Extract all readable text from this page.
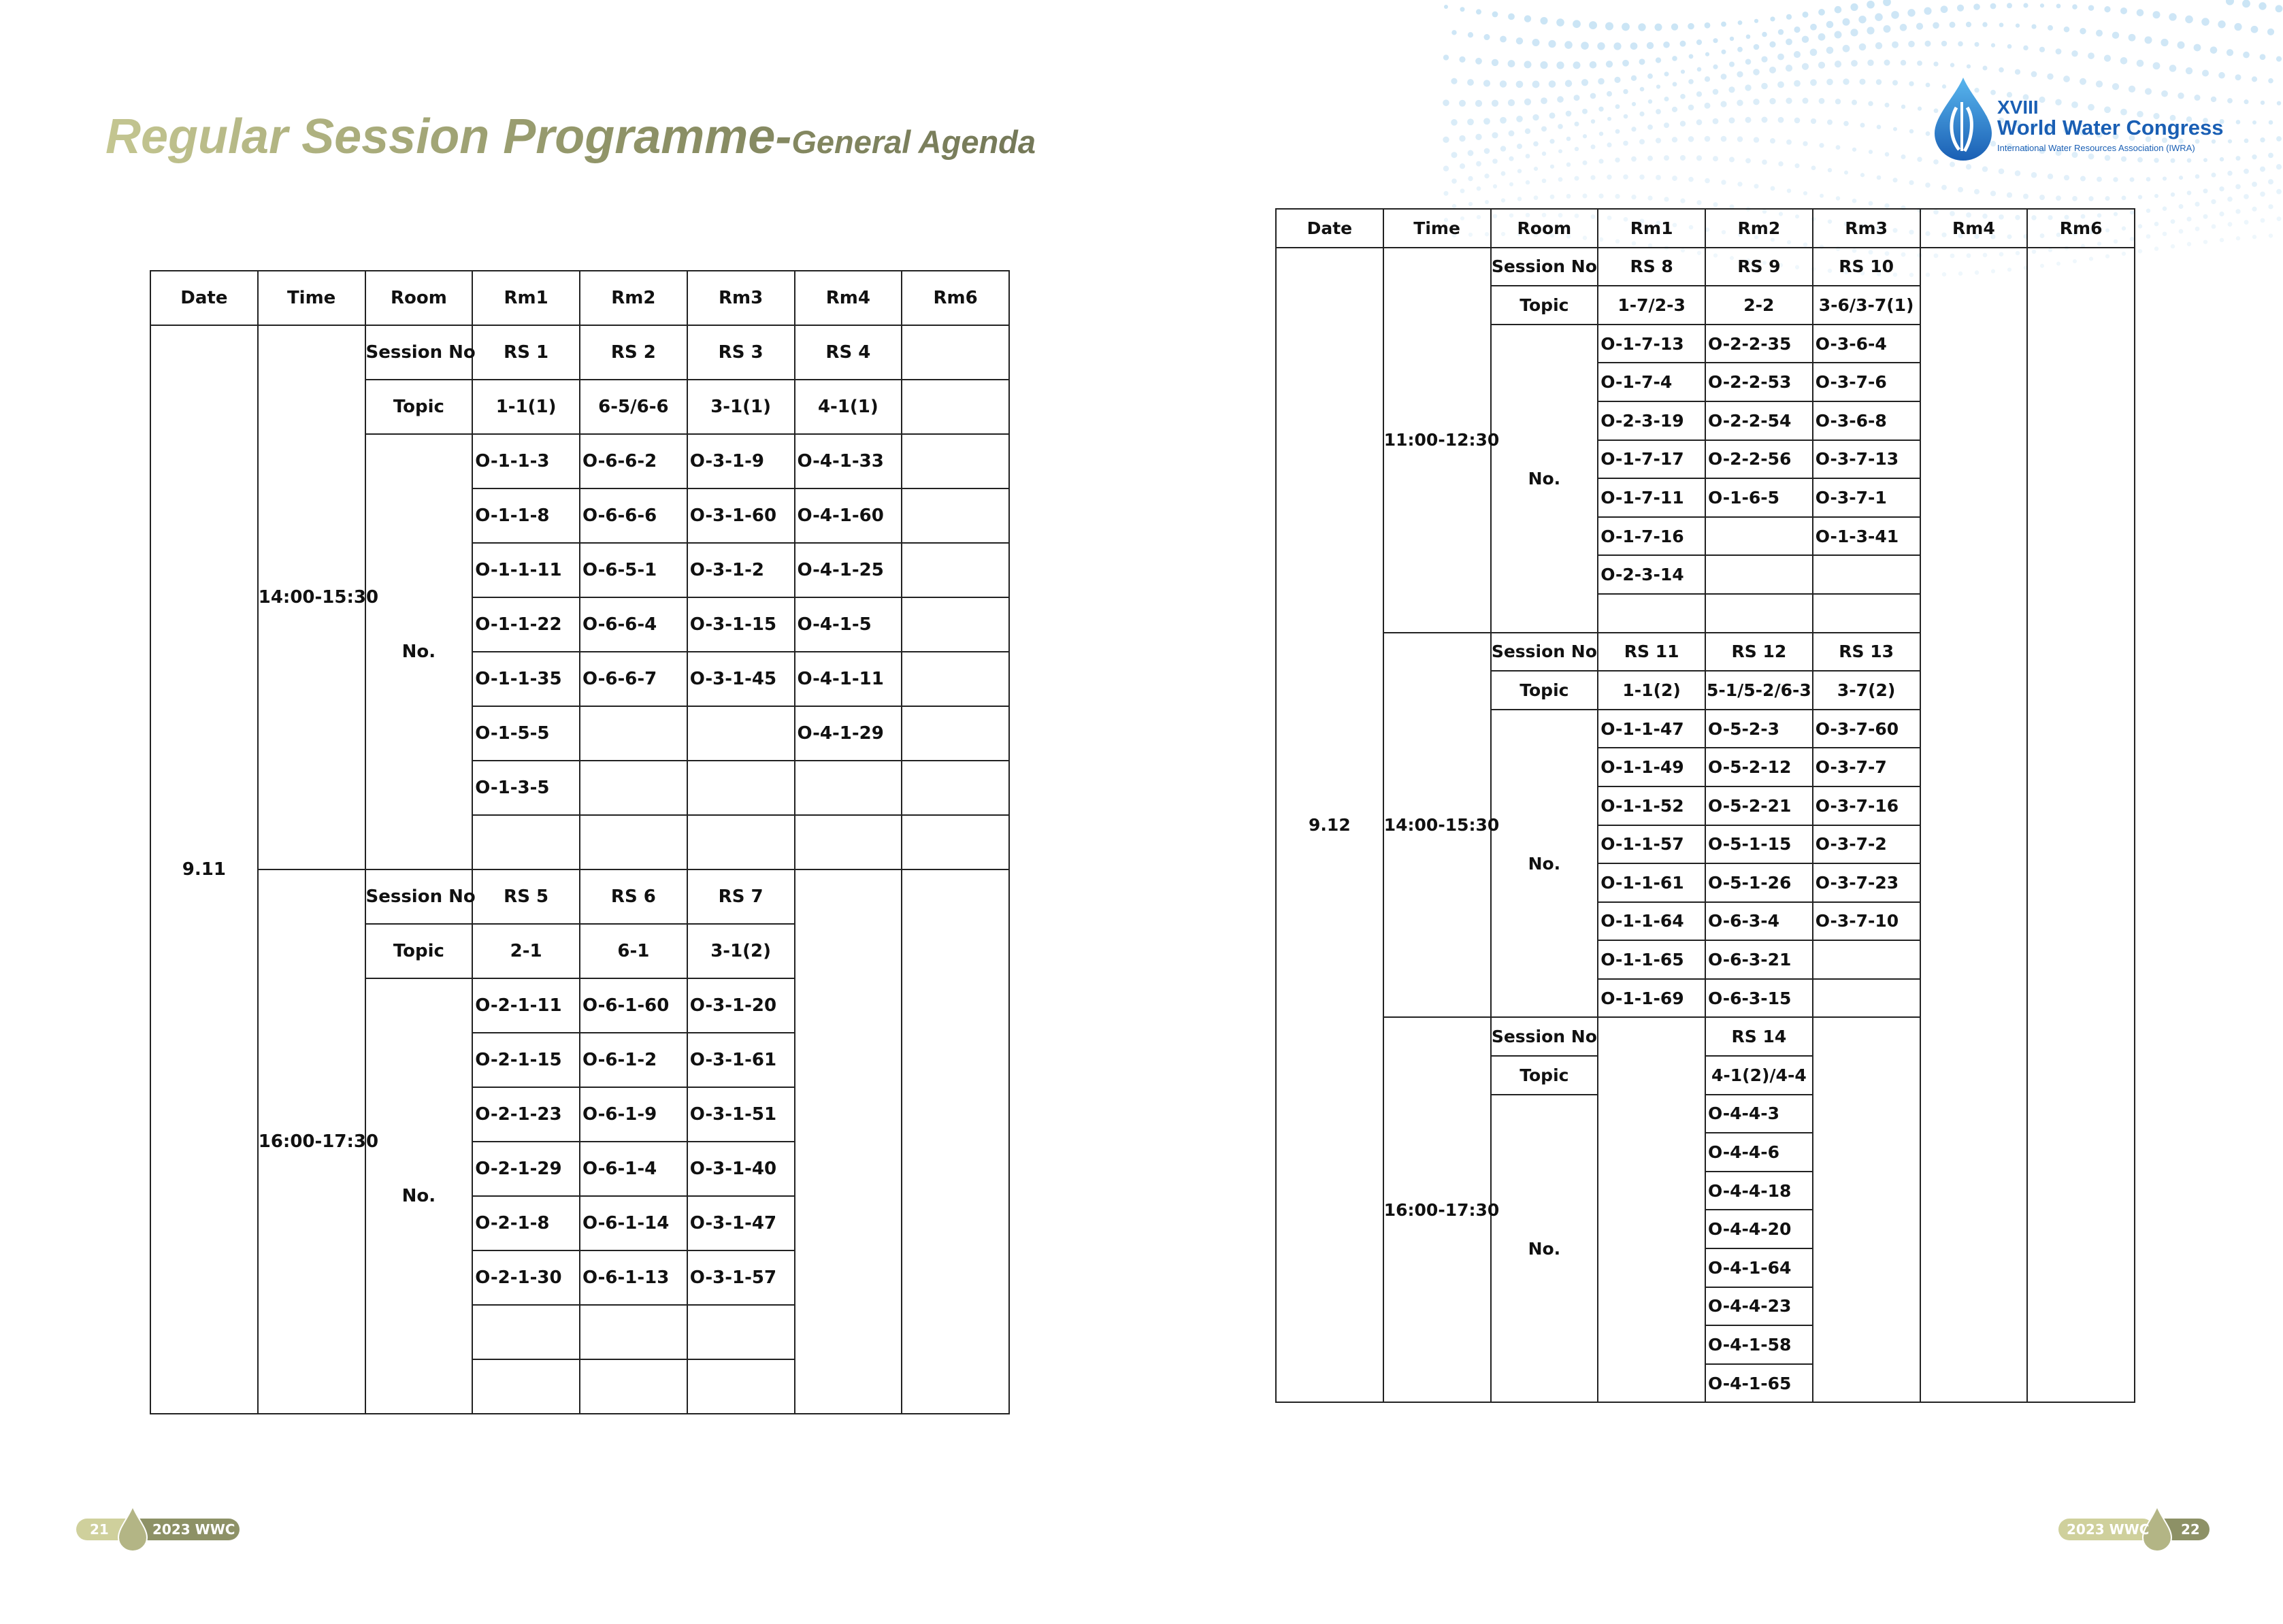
Regular Session Programme-General Agenda
XVIII
World Water Congress
International Water Resources Association (IWRA)
Date	Time	Room	Rm1	Rm2	Rm3	Rm4	Rm6
9.11	14:00-15:30	Session No	RS 1	RS 2	RS 3	RS 4	
		Topic	1-1(1)	6-5/6-6	3-1(1)	4-1(1)	
		No.	O-1-1-3	O-6-6-2	O-3-1-9	O-4-1-33	
			O-1-1-8	O-6-6-6	O-3-1-60	O-4-1-60	
			O-1-1-11	O-6-5-1	O-3-1-2	O-4-1-25	
			O-1-1-22	O-6-6-4	O-3-1-15	O-4-1-5	
			O-1-1-35	O-6-6-7	O-3-1-45	O-4-1-11	
			O-1-5-5			O-4-1-29	
			O-1-3-5				

	16:00-17:30	Session No	RS 5	RS 6	RS 7		
		Topic	2-1	6-1	3-1(2)		
		No.	O-2-1-11	O-6-1-60	O-3-1-20		
			O-2-1-15	O-6-1-2	O-3-1-61		
			O-2-1-23	O-6-1-9	O-3-1-51		
			O-2-1-29	O-6-1-4	O-3-1-40		
			O-2-1-8	O-6-1-14	O-3-1-47		
			O-2-1-30	O-6-1-13	O-3-1-57		

Date	Time	Room	Rm1	Rm2	Rm3	Rm4	Rm6
9.12	11:00-12:30	Session No	RS 8	RS 9	RS 10		
		Topic	1-7/2-3	2-2	3-6/3-7(1)		
		No.	O-1-7-13	O-2-2-35	O-3-6-4		
			O-1-7-4	O-2-2-53	O-3-7-6		
			O-2-3-19	O-2-2-54	O-3-6-8		
			O-1-7-17	O-2-2-56	O-3-7-13		
			O-1-7-11	O-1-6-5	O-3-7-1		
			O-1-7-16		O-1-3-41		
			O-2-3-14				

	14:00-15:30	Session No	RS 11	RS 12	RS 13		
		Topic	1-1(2)	5-1/5-2/6-3	3-7(2)		
		No.	O-1-1-47	O-5-2-3	O-3-7-60		
			O-1-1-49	O-5-2-12	O-3-7-7		
			O-1-1-52	O-5-2-21	O-3-7-16		
			O-1-1-57	O-5-1-15	O-3-7-2		
			O-1-1-61	O-5-1-26	O-3-7-23		
			O-1-1-64	O-6-3-4	O-3-7-10		
			O-1-1-65	O-6-3-21			
			O-1-1-69	O-6-3-15			
	16:00-17:30	Session No		RS 14			
		Topic		4-1(2)/4-4			
		No.		O-4-4-3			
				O-4-4-6			
				O-4-4-18			
				O-4-4-20			
				O-4-1-64			
				O-4-4-23			
				O-4-1-58			
				O-4-1-65			
21	2023 WWC	2023 WWC 22
